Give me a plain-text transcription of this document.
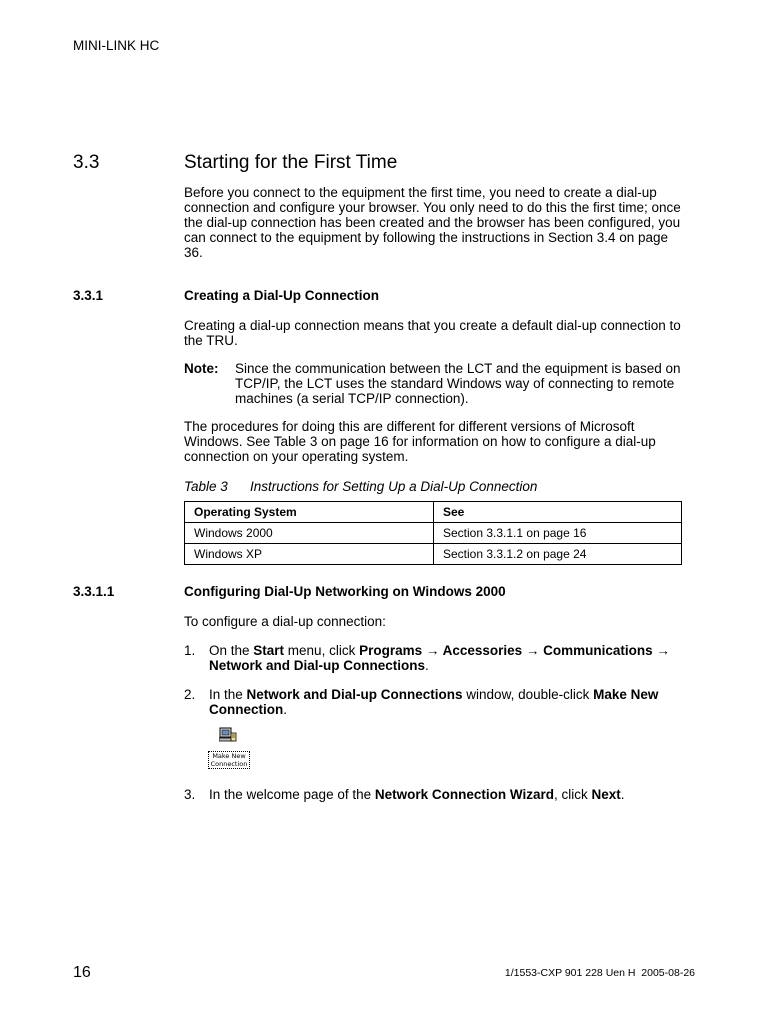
MINI-LINK HC
3.3	Starting for the First Time
Before you connect to the equipment the first time, you need to create a dial-up connection and configure your browser. You only need to do this the first time; once the dial-up connection has been created and the browser has been configured, you can connect to the equipment by following the instructions in Section 3.4 on page 36.
3.3.1	Creating a Dial-Up Connection
Creating a dial-up connection means that you create a default dial-up connection to the TRU.
Note: Since the communication between the LCT and the equipment is based on TCP/IP, the LCT uses the standard Windows way of connecting to remote machines (a serial TCP/IP connection).
The procedures for doing this are different for different versions of Microsoft Windows. See Table 3 on page 16 for information on how to configure a dial-up connection on your operating system.
Table 3 Instructions for Setting Up a Dial-Up Connection
Operating System	See
Windows 2000	Section 3.3.1.1 on page 16
Windows XP	Section 3.3.1.2 on page 24
3.3.1.1	Configuring Dial-Up Networking on Windows 2000
To configure a dial-up connection:
1. On the Start menu, click Programs → Accessories → Communications → Network and Dial-up Connections.
2. In the Network and Dial-up Connections window, double-click Make New Connection.
Make New Connection
3. In the welcome page of the Network Connection Wizard, click Next.
16	1/1553-CXP 901 228 Uen H  2005-08-26
